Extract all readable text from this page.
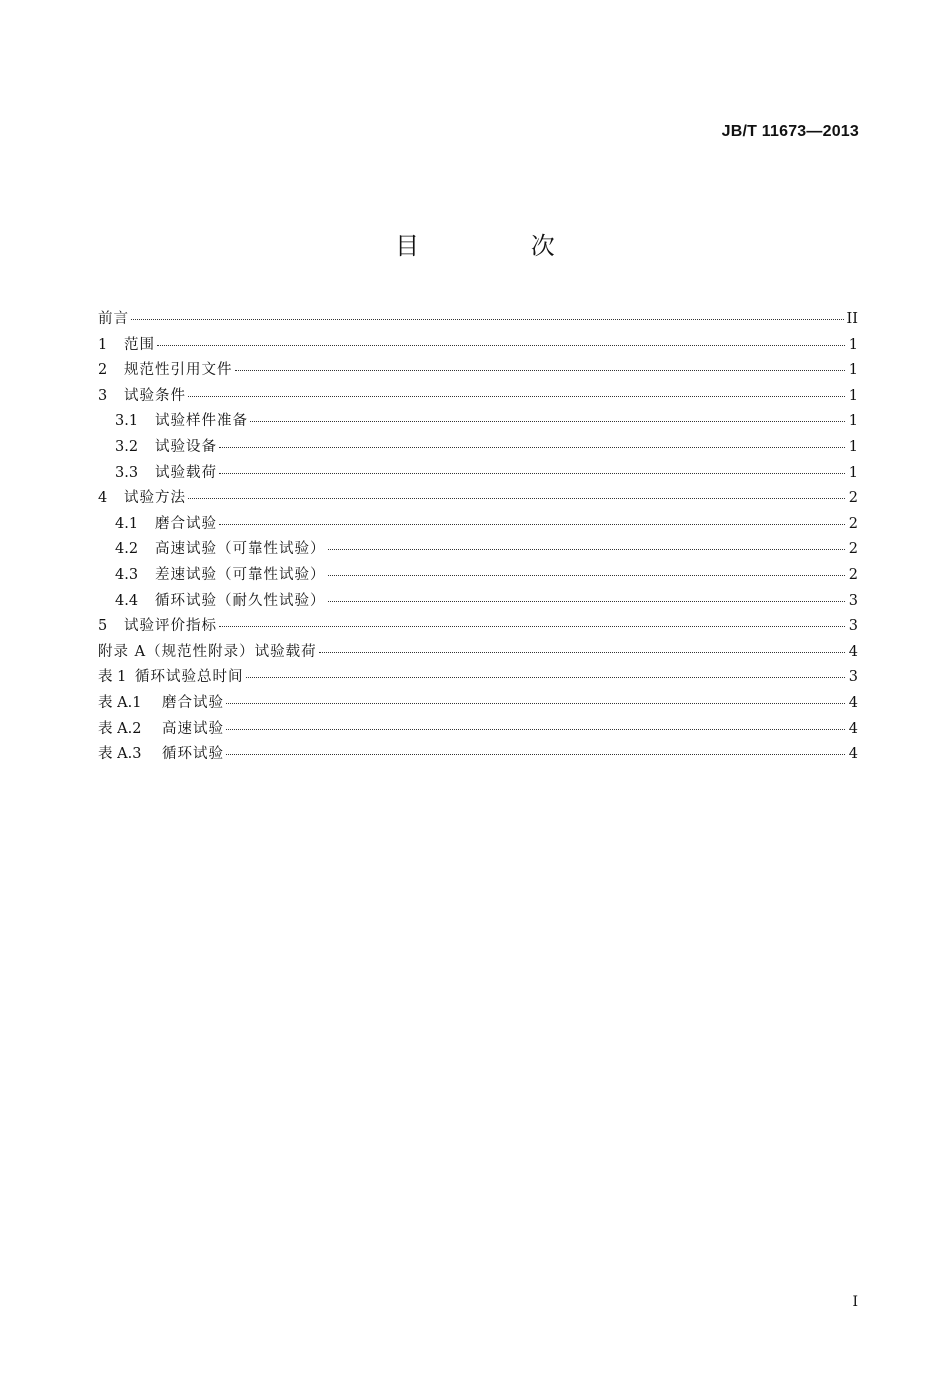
JB/T 11673—2013
目 次
前言	II
1	范围	1
2	规范性引用文件	1
3	试验条件	1
3.1	试验样件准备	1
3.2	试验设备	1
3.3	试验载荷	1
4	试验方法	2
4.1	磨合试验	2
4.2	高速试验（可靠性试验）	2
4.3	差速试验（可靠性试验）	2
4.4	循环试验（耐久性试验）	3
5	试验评价指标	3
附录 A（规范性附录）试验载荷	4
表 1 循环试验总时间	3
表 A.1	磨合试验	4
表 A.2	高速试验	4
表 A.3	循环试验	4
I
